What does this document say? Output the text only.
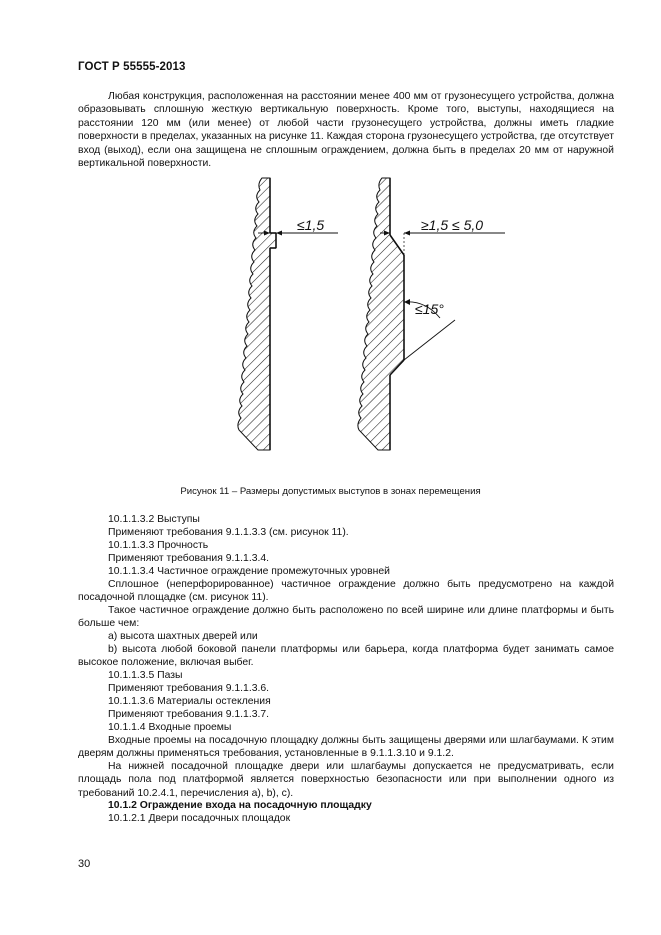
ГОСТ Р 55555-2013
Любая конструкция, расположенная на расстоянии менее 400 мм от грузонесущего устройства, должна образовывать сплошную жесткую вертикальную поверхность. Кроме того, выступы, находящиеся на расстоянии 120 мм (или менее) от любой части грузонесущего устройства, должны иметь гладкие поверхности в пределах, указанных на рисунке 11. Каждая сторона грузонесущего устройства, где отсутствует вход (выход), если она защищена не сплошным ограждением, должна быть в пределах 20 мм от наружной вертикальной поверхности.
≤1,5	≥1,5 ≤ 5,0
≤15°
Рисунок 11 – Размеры допустимых выступов в зонах перемещения
10.1.1.3.2 Выступы
Применяют требования 9.1.1.3.3 (см. рисунок 11).
10.1.1.3.3 Прочность
Применяют требования 9.1.1.3.4.
10.1.1.3.4 Частичное ограждение промежуточных уровней
Сплошное (неперфорированное) частичное ограждение должно быть предусмотрено на каждой посадочной площадке (см. рисунок 11).
Такое частичное ограждение должно быть расположено по всей ширине или длине платформы и быть больше чем:
a) высота шахтных дверей или
b) высота любой боковой панели платформы или барьера, когда платформа будет занимать самое высокое положение, включая выбег.
10.1.1.3.5 Пазы
Применяют требования 9.1.1.3.6.
10.1.1.3.6 Материалы остекления
Применяют требования 9.1.1.3.7.
10.1.1.4 Входные проемы
Входные проемы на посадочную площадку должны быть защищены дверями или шлагбаумами. К этим дверям должны применяться требования, установленные в 9.1.1.3.10 и 9.1.2.
На нижней посадочной площадке двери или шлагбаумы допускается не предусматривать, если площадь пола под платформой является поверхностью безопасности или при выполнении одного из требований 10.2.4.1, перечисления a), b), c).
10.1.2 Ограждение входа на посадочную площадку
10.1.2.1 Двери посадочных площадок
30
